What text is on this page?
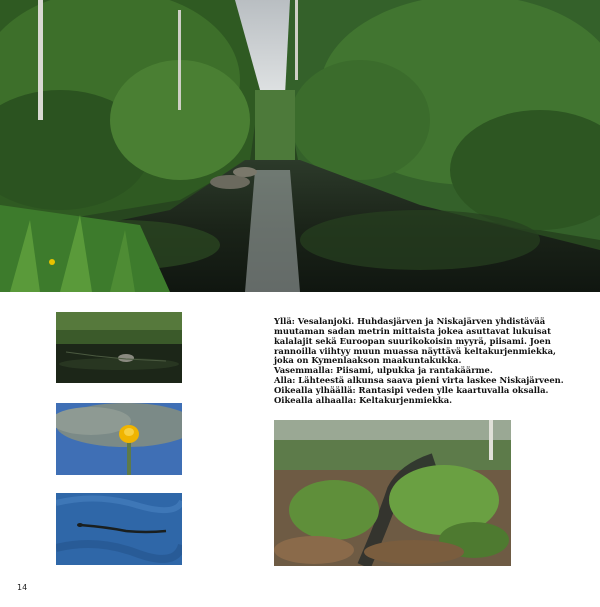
Yllä: Vesalanjoki. Huhdasjärven ja Niskajärven yhdistävää
muutaman sadan metrin mittaista jokea asuttavat lukuisat
kalalajit sekä Euroopan suurikokoisin myyrä, piisami. Joen
rannoilla viihtyy muun muassa näyttävä keltakurjenmiekka,
joka on Kymenlaakson maakuntakukka.
Vasemmalla: Piisami, ulpukka ja rantakäärme.
Alla: Lähteestä alkunsa saava pieni virta laskee Niskajärveen.
Oikealla ylhäällä: Rantasipi veden ylle kaartuvalla oksalla.
Oikealla alhaalla: Keltakurjenmiekka.
14
